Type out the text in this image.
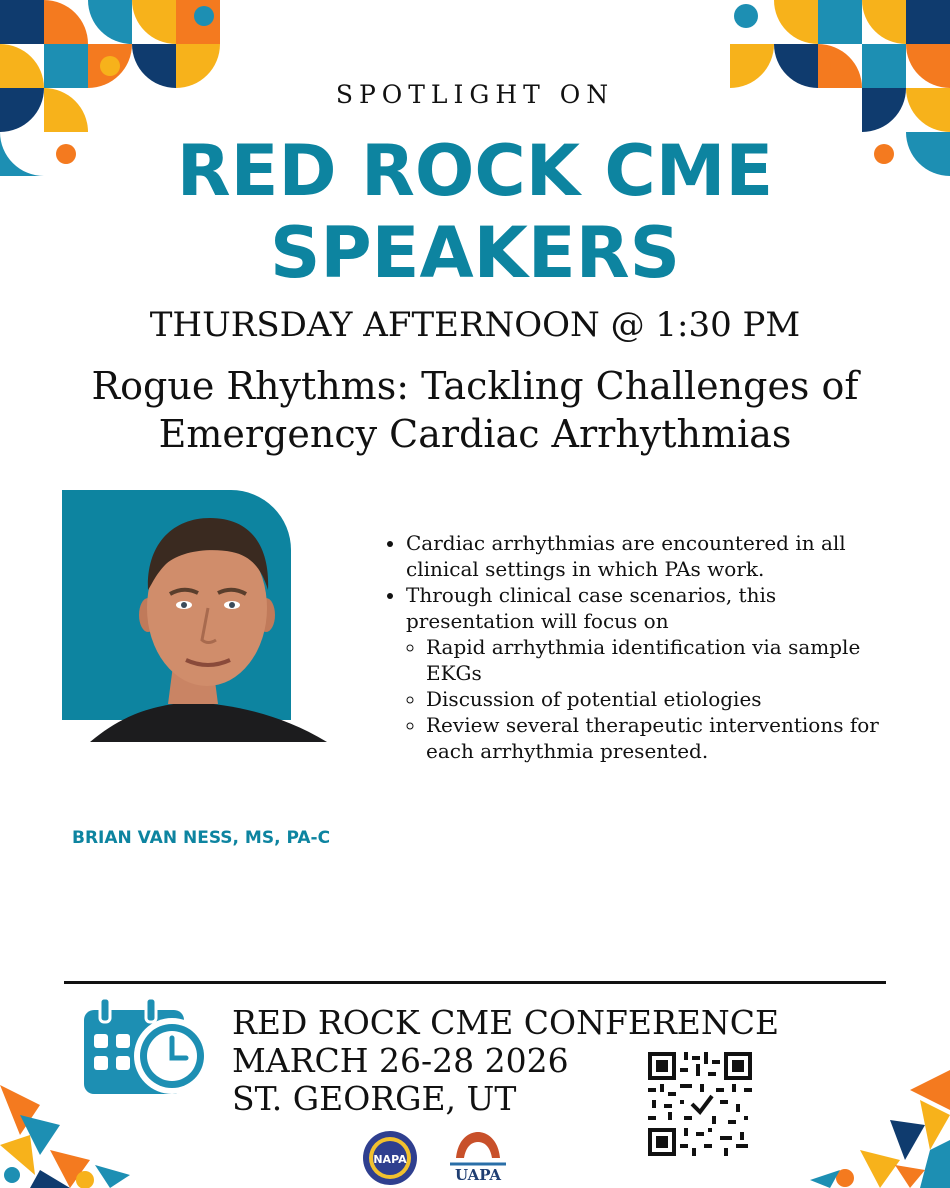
SPOTLIGHT ON
RED ROCK CME
SPEAKERS
THURSDAY AFTERNOON @ 1:30 PM
Rogue Rhythms: Tackling Challenges of
Emergency Cardiac Arrhythmias
• Cardiac arrhythmias are encountered in all clinical settings in which PAs work.
• Through clinical case scenarios, this presentation will focus on
◦ Rapid arrhythmia identification via sample EKGs
◦ Discussion of potential etiologies
◦ Review several therapeutic interventions for each arrhythmia presented.
BRIAN VAN NESS, MS, PA-C
RED ROCK CME CONFERENCE
MARCH 26-28 2026
ST. GEORGE, UT
NAPA
UAPA
